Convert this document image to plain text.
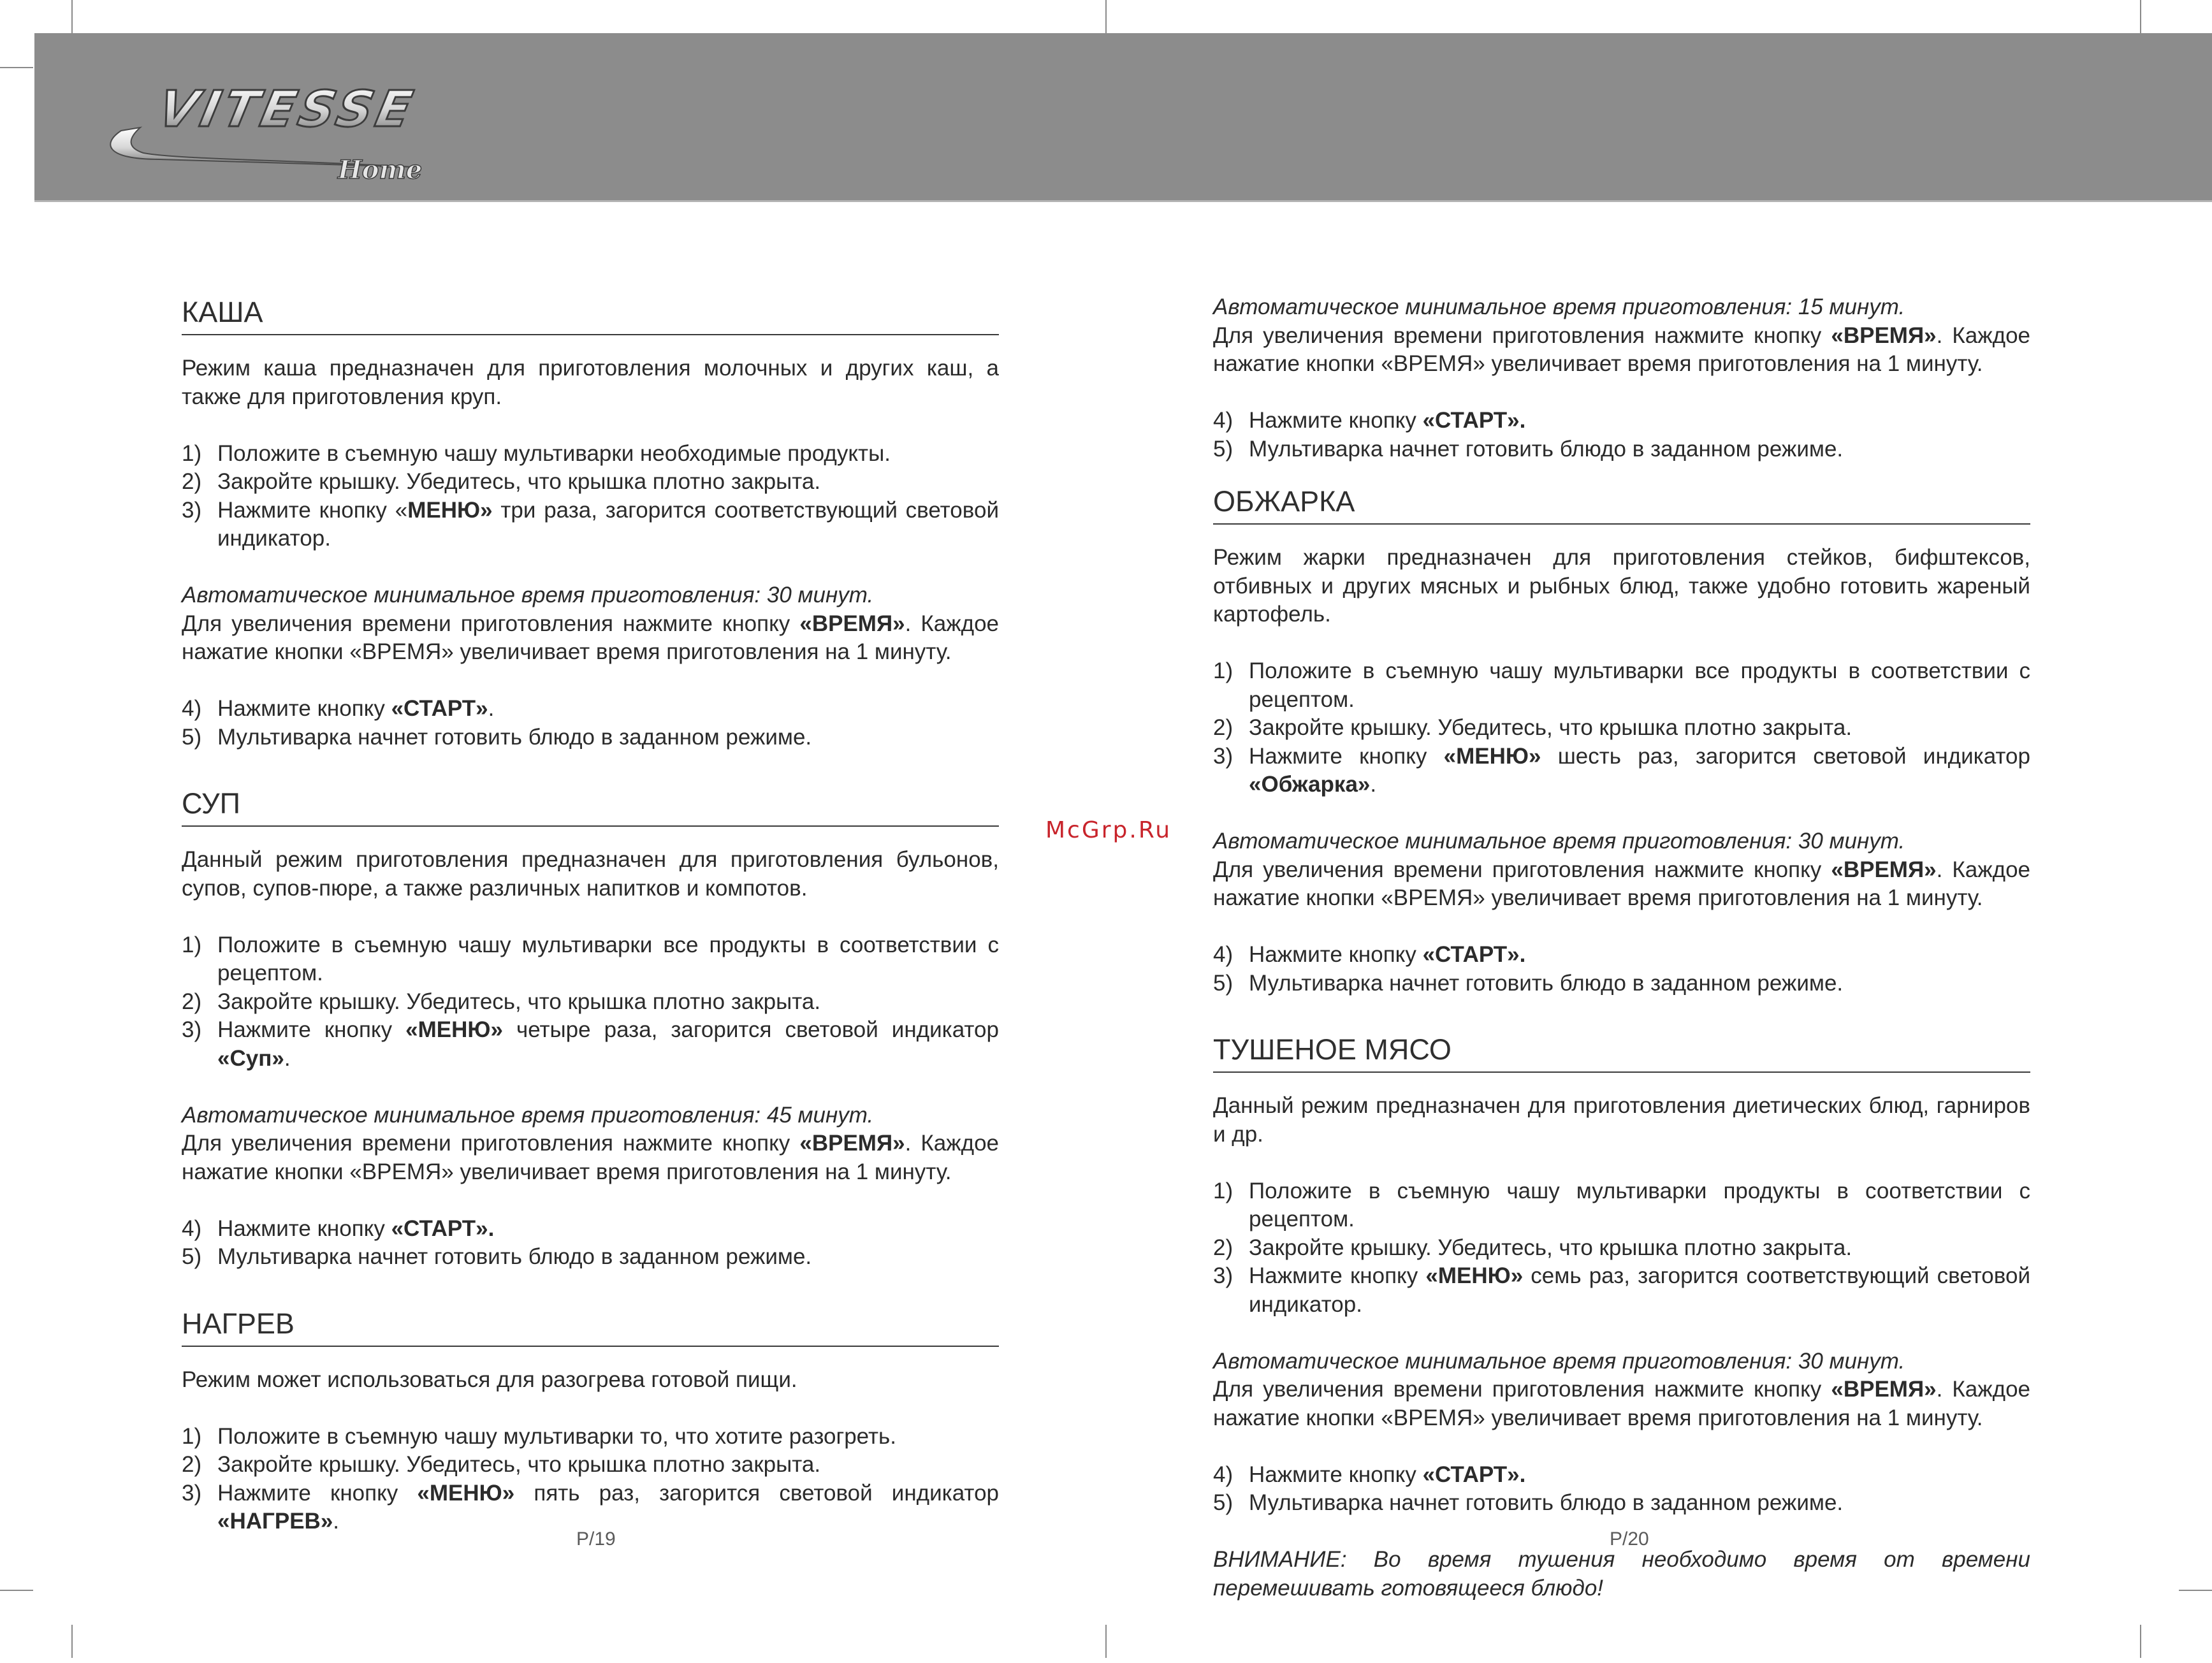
VITESSE
Home
КАША

Режим каша предназначен для приготовления молочных и других каш, а также для приготовления круп.

1) Положите в съемную чашу мультиварки необходимые продукты.
2) Закройте крышку. Убедитесь, что крышка плотно закрыта.
3) Нажмите кнопку «МЕНЮ» три раза, загорится соответствующий световой индикатор.

Автоматическое минимальное время приготовления: 30 минут.

Для увеличения времени приготовления нажмите кнопку «ВРЕМЯ». Каждое нажатие кнопки «ВРЕМЯ» увеличивает время приготовления на 1 минуту.

4) Нажмите кнопку «СТАРТ».
5) Мультиварка начнет готовить блюдо в заданном режиме.
СУП

Данный режим приготовления предназначен для приготовления бульонов, супов, супов-пюре, а также различных напитков и компотов.

1) Положите в съемную чашу мультиварки все продукты в соответствии с рецептом.
2) Закройте крышку. Убедитесь, что крышка плотно закрыта.
3) Нажмите кнопку «МЕНЮ» четыре раза, загорится световой индикатор «Суп».

Автоматическое минимальное время приготовления: 45 минут.

Для увеличения времени приготовления нажмите кнопку «ВРЕМЯ». Каждое нажатие кнопки «ВРЕМЯ» увеличивает время приготовления на 1 минуту.

4) Нажмите кнопку «СТАРТ».
5) Мультиварка начнет готовить блюдо в заданном режиме.
НАГРЕВ

Режим может использоваться для разогрева готовой пищи.

1) Положите в съемную чашу мультиварки то, что хотите разогреть.
2) Закройте крышку. Убедитесь, что крышка плотно закрыта.
3) Нажмите кнопку «МЕНЮ» пять раз, загорится световой индикатор «НАГРЕВ».
McGrp.Ru

Автоматическое минимальное время приготовления: 15 минут.

Для увеличения времени приготовления нажмите кнопку «ВРЕМЯ». Каждое нажатие кнопки «ВРЕМЯ» увеличивает время приготовления на 1 минуту.

4) Нажмите кнопку «СТАРТ».
5) Мультиварка начнет готовить блюдо в заданном режиме.
ОБЖАРКА

Режим жарки предназначен для приготовления стейков, бифштексов, отбивных и других мясных и рыбных блюд, также удобно готовить жареный картофель.

1) Положите в съемную чашу мультиварки все продукты в соответствии с рецептом.
2) Закройте крышку. Убедитесь, что крышка плотно закрыта.
3) Нажмите кнопку «МЕНЮ» шесть раз, загорится световой индикатор «Обжарка».

Автоматическое минимальное время приготовления: 30 минут.

Для увеличения времени приготовления нажмите кнопку «ВРЕМЯ». Каждое нажатие кнопки «ВРЕМЯ» увеличивает время приготовления на 1 минуту.

4) Нажмите кнопку «СТАРТ».
5) Мультиварка начнет готовить блюдо в заданном режиме.
ТУШЕНОЕ МЯСО

Данный режим предназначен для приготовления диетических блюд, гарниров и др.

1) Положите в съемную чашу мультиварки продукты в соответствии с рецептом.
2) Закройте крышку. Убедитесь, что крышка плотно закрыта.
3) Нажмите кнопку «МЕНЮ» семь раз, загорится соответствующий световой индикатор.

Автоматическое минимальное время приготовления: 30 минут.

Для увеличения времени приготовления нажмите кнопку «ВРЕМЯ». Каждое нажатие кнопки «ВРЕМЯ» увеличивает время приготовления на 1 минуту.

4) Нажмите кнопку «СТАРТ».
5) Мультиварка начнет готовить блюдо в заданном режиме.

ВНИМАНИЕ: Во время тушения необходимо время от времени перемешивать готовящееся блюдо!

P/19	P/20
